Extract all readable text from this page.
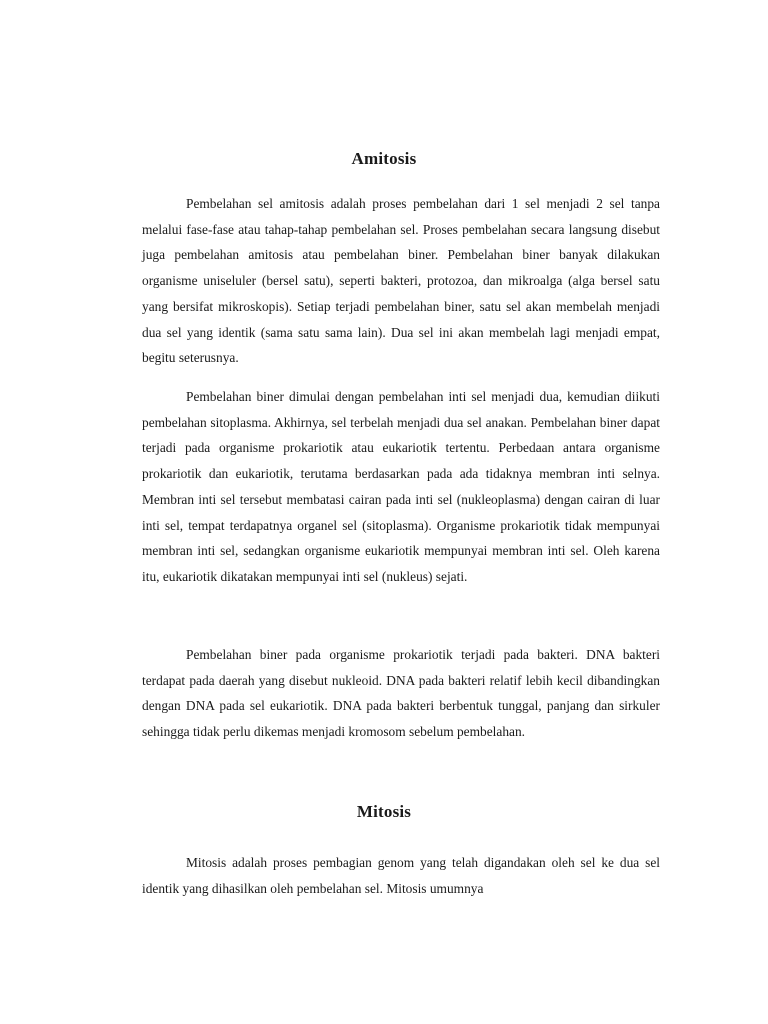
Amitosis

Pembelahan sel amitosis adalah proses pembelahan dari 1 sel menjadi 2 sel tanpa melalui fase-fase atau tahap-tahap pembelahan sel. Proses pembelahan secara langsung disebut juga pembelahan amitosis atau pembelahan biner. Pembelahan biner banyak dilakukan organisme uniseluler (bersel satu), seperti bakteri, protozoa, dan mikroalga (alga bersel satu yang bersifat mikroskopis). Setiap terjadi pembelahan biner, satu sel akan membelah menjadi dua sel yang identik (sama satu sama lain). Dua sel ini akan membelah lagi menjadi empat, begitu seterusnya.

Pembelahan biner dimulai dengan pembelahan inti sel menjadi dua, kemudian diikuti pembelahan sitoplasma. Akhirnya, sel terbelah menjadi dua sel anakan. Pembelahan biner dapat terjadi pada organisme prokariotik atau eukariotik tertentu. Perbedaan antara organisme prokariotik dan eukariotik, terutama berdasarkan pada ada tidaknya membran inti selnya. Membran inti sel tersebut membatasi cairan pada inti sel (nukleoplasma) dengan cairan di luar inti sel, tempat terdapatnya organel sel (sitoplasma). Organisme prokariotik tidak mempunyai membran inti sel, sedangkan organisme eukariotik mempunyai membran inti sel. Oleh karena itu, eukariotik dikatakan mempunyai inti sel (nukleus) sejati.

Pembelahan biner pada organisme prokariotik terjadi pada bakteri. DNA bakteri terdapat pada daerah yang disebut nukleoid. DNA pada bakteri relatif lebih kecil dibandingkan dengan DNA pada sel eukariotik. DNA pada bakteri berbentuk tunggal, panjang dan sirkuler sehingga tidak perlu dikemas menjadi kromosom sebelum pembelahan.

Mitosis

Mitosis adalah proses pembagian genom yang telah digandakan oleh sel ke dua sel identik yang dihasilkan oleh pembelahan sel. Mitosis umumnya
